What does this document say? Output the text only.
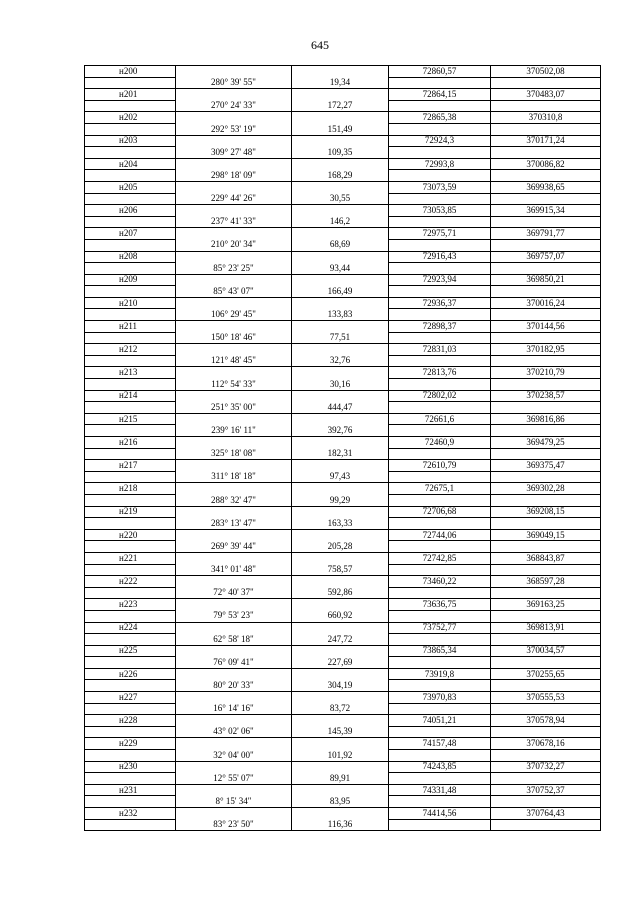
645
н200			72860,57	370502,08
	280° 39' 55"	19,34		
н201			72864,15	370483,07
	270° 24' 33"	172,27		
н202			72865,38	370310,8
	292° 53' 19"	151,49		
н203			72924,3	370171,24
	309° 27' 48"	109,35		
н204			72993,8	370086,82
	298° 18' 09"	168,29		
н205			73073,59	369938,65
	229° 44' 26"	30,55		
н206			73053,85	369915,34
	237° 41' 33"	146,2		
н207			72975,71	369791,77
	210° 20' 34"	68,69		
н208			72916,43	369757,07
	85° 23' 25"	93,44		
н209			72923,94	369850,21
	85° 43' 07"	166,49		
н210			72936,37	370016,24
	106° 29' 45"	133,83		
н211			72898,37	370144,56
	150° 18' 46"	77,51		
н212			72831,03	370182,95
	121° 48' 45"	32,76		
н213			72813,76	370210,79
	112° 54' 33"	30,16		
н214			72802,02	370238,57
	251° 35' 00"	444,47		
н215			72661,6	369816,86
	239° 16' 11"	392,76		
н216			72460,9	369479,25
	325° 18' 08"	182,31		
н217			72610,79	369375,47
	311° 18' 18"	97,43		
н218			72675,1	369302,28
	288° 32' 47"	99,29		
н219			72706,68	369208,15
	283° 13' 47"	163,33		
н220			72744,06	369049,15
	269° 39' 44"	205,28		
н221			72742,85	368843,87
	341° 01' 48"	758,57		
н222			73460,22	368597,28
	72° 40' 37"	592,86		
н223			73636,75	369163,25
	79° 53' 23"	660,92		
н224			73752,77	369813,91
	62° 58' 18"	247,72		
н225			73865,34	370034,57
	76° 09' 41"	227,69		
н226			73919,8	370255,65
	80° 20' 33"	304,19		
н227			73970,83	370555,53
	16° 14' 16"	83,72		
н228			74051,21	370578,94
	43° 02' 06"	145,39		
н229			74157,48	370678,16
	32° 04' 00"	101,92		
н230			74243,85	370732,27
	12° 55' 07"	89,91		
н231			74331,48	370752,37
	8° 15' 34"	83,95		
н232			74414,56	370764,43
	83° 23' 50"	116,36		
